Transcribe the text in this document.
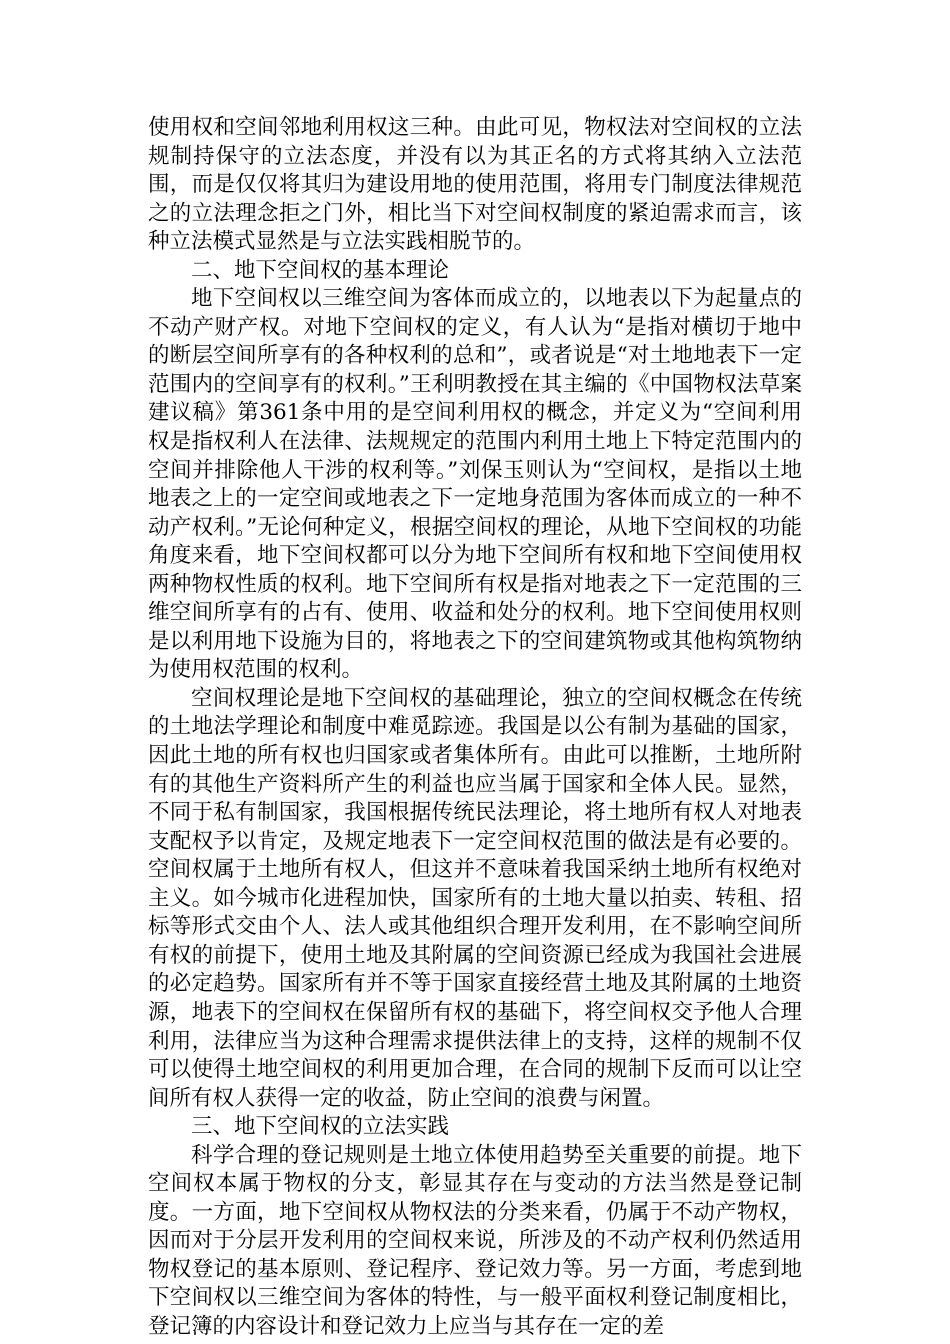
使用权和空间邻地利用权这三种。由此可见，物权法对空间权的立法规制持保守的立法态度，并没有以为其正名的方式将其纳入立法范围，而是仅仅将其归为建设用地的使用范围，将用专门制度法律规范之的立法理念拒之门外，相比当下对空间权制度的紧迫需求而言，该种立法模式显然是与立法实践相脱节的。

二、地下空间权的基本理论

地下空间权以三维空间为客体而成立的，以地表以下为起量点的不动产财产权。对地下空间权的定义，有人认为“是指对横切于地中的断层空间所享有的各种权利的总和”，或者说是“对土地地表下一定范围内的空间享有的权利。”王利明教授在其主编的《中国物权法草案建议稿》第361条中用的是空间利用权的概念，并定义为“空间利用权是指权利人在法律、法规规定的范围内利用土地上下特定范围内的空间并排除他人干涉的权利等。”刘保玉则认为“空间权，是指以土地地表之上的一定空间或地表之下一定地身范围为客体而成立的一种不动产权利。”无论何种定义，根据空间权的理论，从地下空间权的功能角度来看，地下空间权都可以分为地下空间所有权和地下空间使用权两种物权性质的权利。地下空间所有权是指对地表之下一定范围的三维空间所享有的占有、使用、收益和处分的权利。地下空间使用权则是以利用地下设施为目的，将地表之下的空间建筑物或其他构筑物纳为使用权范围的权利。

空间权理论是地下空间权的基础理论，独立的空间权概念在传统的土地法学理论和制度中难觅踪迹。我国是以公有制为基础的国家，因此土地的所有权也归国家或者集体所有。由此可以推断，土地所附有的其他生产资料所产生的利益也应当属于国家和全体人民。显然，不同于私有制国家，我国根据传统民法理论，将土地所有权人对地表支配权予以肯定，及规定地表下一定空间权范围的做法是有必要的。空间权属于土地所有权人，但这并不意味着我国采纳土地所有权绝对主义。如今城市化进程加快，国家所有的土地大量以拍卖、转租、招标等形式交由个人、法人或其他组织合理开发利用，在不影响空间所有权的前提下，使用土地及其附属的空间资源已经成为我国社会进展的必定趋势。国家所有并不等于国家直接经营土地及其附属的土地资源，地表下的空间权在保留所有权的基础下，将空间权交予他人合理利用，法律应当为这种合理需求提供法律上的支持，这样的规制不仅可以使得土地空间权的利用更加合理，在合同的规制下反而可以让空间所有权人获得一定的收益，防止空间的浪费与闲置。

三、地下空间权的立法实践

科学合理的登记规则是土地立体使用趋势至关重要的前提。地下空间权本属于物权的分支，彰显其存在与变动的方法当然是登记制度。一方面，地下空间权从物权法的分类来看，仍属于不动产物权，因而对于分层开发利用的空间权来说，所涉及的不动产权利仍然适用物权登记的基本原则、登记程序、登记效力等。另一方面，考虑到地下空间权以三维空间为客体的特性，与一般平面权利登记制度相比，登记簿的内容设计和登记效力上应当与其存在一定的差
